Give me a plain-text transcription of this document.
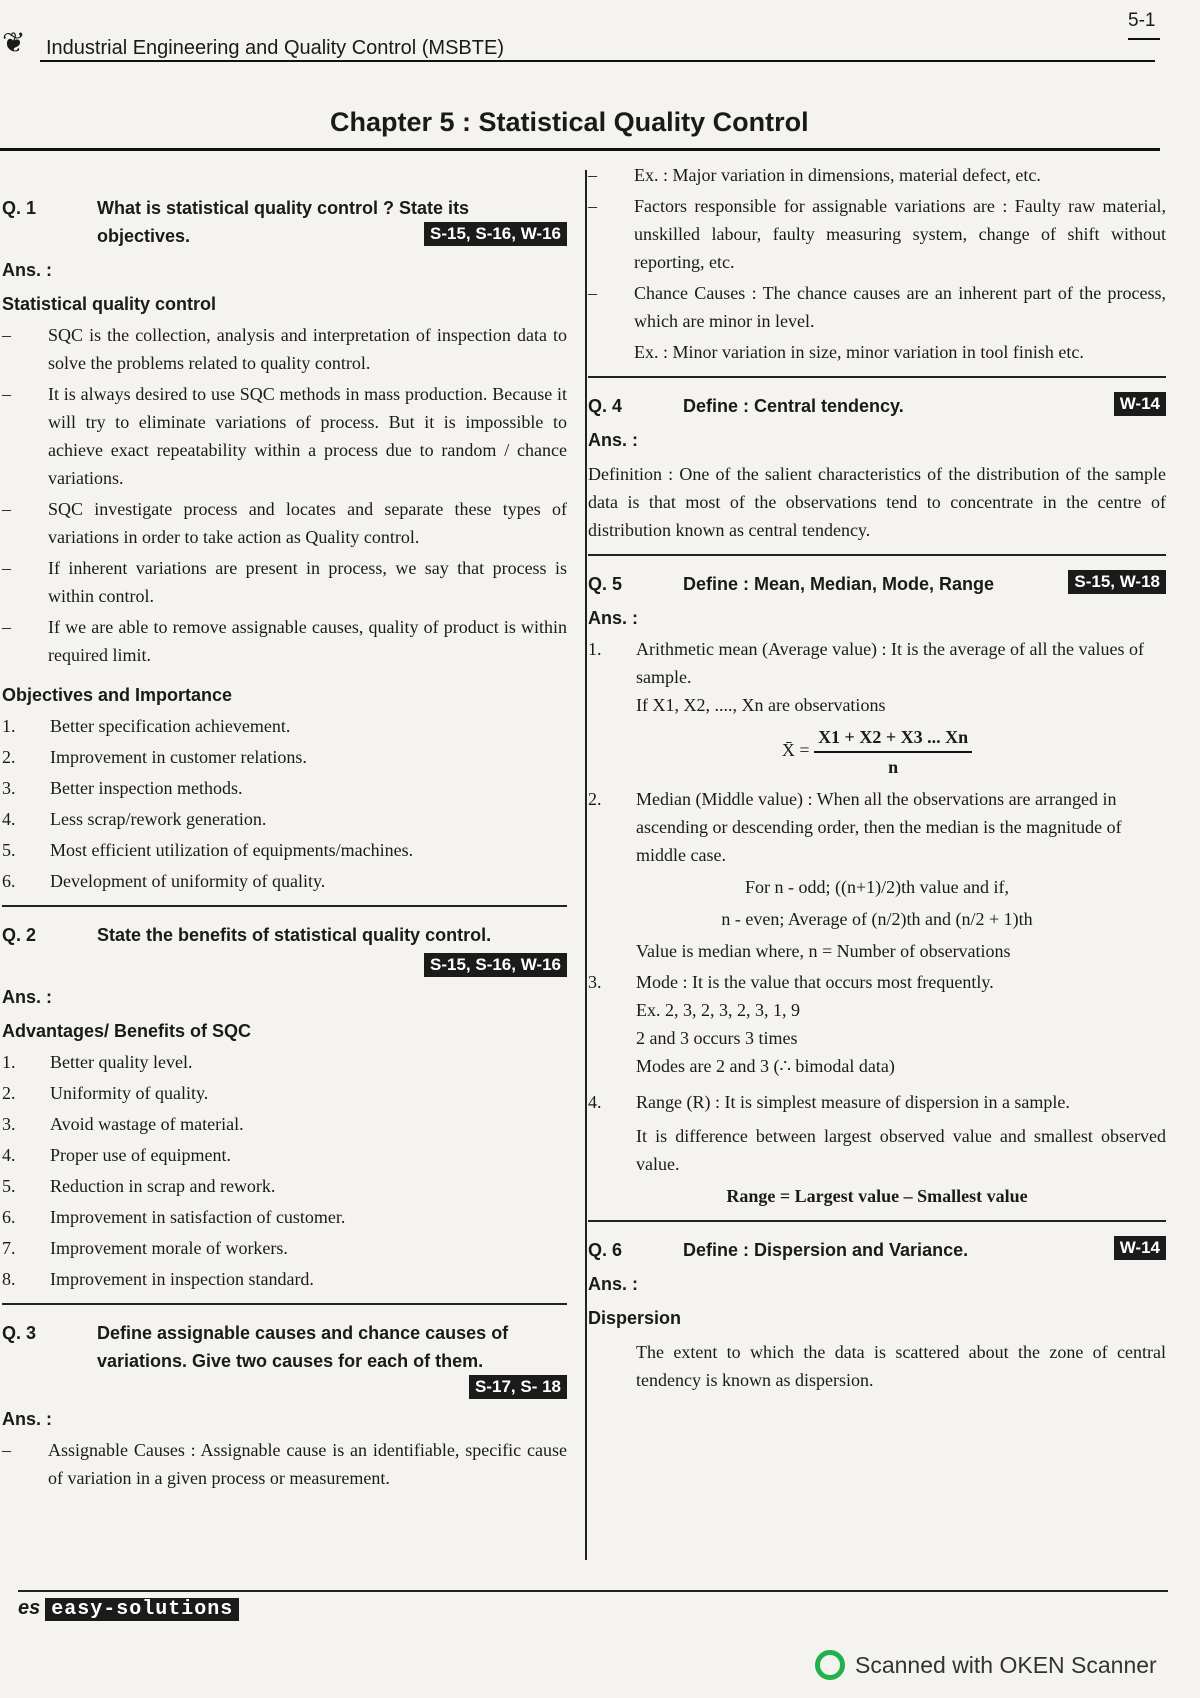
❦ Industrial Engineering and Quality Control (MSBTE)
5-1
Chapter 5 : Statistical Quality Control
Q. 1	What is statistical quality control ? State its objectives.	S-15, S-16, W-16
Ans. :
Statistical quality control
–	SQC is the collection, analysis and interpretation of inspection data to solve the problems related to quality control.
–	It is always desired to use SQC methods in mass production. Because it will try to eliminate variations of process. But it is impossible to achieve exact repeatability within a process due to random / chance variations.
–	SQC investigate process and locates and separate these types of variations in order to take action as Quality control.
–	If inherent variations are present in process, we say that process is within control.
–	If we are able to remove assignable causes, quality of product is within required limit.
Objectives and Importance
1.	Better specification achievement.
2.	Improvement in customer relations.
3.	Better inspection methods.
4.	Less scrap/rework generation.
5.	Most efficient utilization of equipments/machines.
6.	Development of uniformity of quality.
Q. 2	State the benefits of statistical quality control.
S-15, S-16, W-16
Ans. :
Advantages/ Benefits of SQC
1.	Better quality level.
2.	Uniformity of quality.
3.	Avoid wastage of material.
4.	Proper use of equipment.
5.	Reduction in scrap and rework.
6.	Improvement in satisfaction of customer.
7.	Improvement morale of workers.
8.	Improvement in inspection standard.
Q. 3	Define assignable causes and chance causes of variations. Give two causes for each of them.
S-17, S- 18
Ans. :
–	Assignable Causes : Assignable cause is an identifiable, specific cause of variation in a given process or measurement.
–	Ex. : Major variation in dimensions, material defect, etc.
–	Factors responsible for assignable variations are : Faulty raw material, unskilled labour, faulty measuring system, change of shift without reporting, etc.
–	Chance Causes : The chance causes are an inherent part of the process, which are minor in level.
Ex. : Minor variation in size, minor variation in tool finish etc.
Q. 4	Define : Central tendency.	W-14
Ans. :
Definition : One of the salient characteristics of the distribution of the sample data is that most of the observations tend to concentrate in the centre of distribution known as central tendency.
Q. 5	Define : Mean, Median, Mode, Range	S-15, W-18
Ans. :
1.	Arithmetic mean (Average value) : It is the average of all the values of sample.
If X1, X2, ...., Xn are observations
X̄ = $\frac{X1 + X2 + X3 ... Xn}{n}$
2.	Median (Middle value) : When all the observations are arranged in ascending or descending order, then the median is the magnitude of middle case.
For n - odd; ((n+1)/2)th value and if,
n - even; Average of (n/2)th and (n/2 + 1)th
Value is median where, n = Number of observations
3.	Mode : It is the value that occurs most frequently.
Ex. 2, 3, 2, 3, 2, 3, 1, 9
2 and 3 occurs 3 times
Modes are 2 and 3 (∴ bimodal data)
4.	Range (R) : It is simplest measure of dispersion in a sample.
It is difference between largest observed value and smallest observed value.
Range = Largest value – Smallest value
Q. 6	Define : Dispersion and Variance.	W-14
Ans. :
Dispersion
The extent to which the data is scattered about the zone of central tendency is known as dispersion.
es easy-solutions
Scanned with OKEN Scanner
